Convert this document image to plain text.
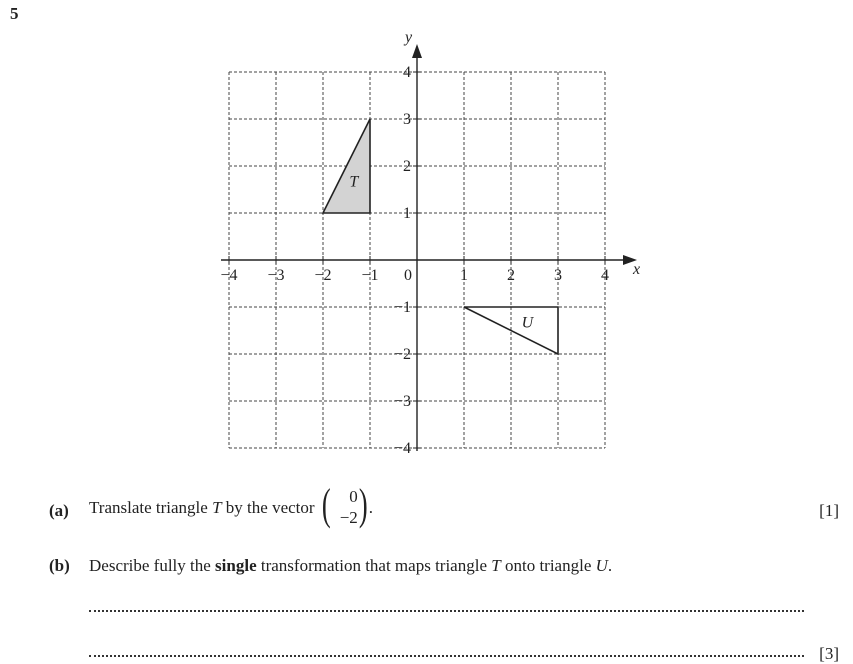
5
T
U
−4 −3 −2 −1	1 2 3 4
4
3
2
1
−1
−2
−3
−4
0	x
y
(a) Translate triangle T by the vector ( 0
−2 ) .	[1]
(b) Describe fully the single transformation that maps triangle T onto triangle U.
[3]
